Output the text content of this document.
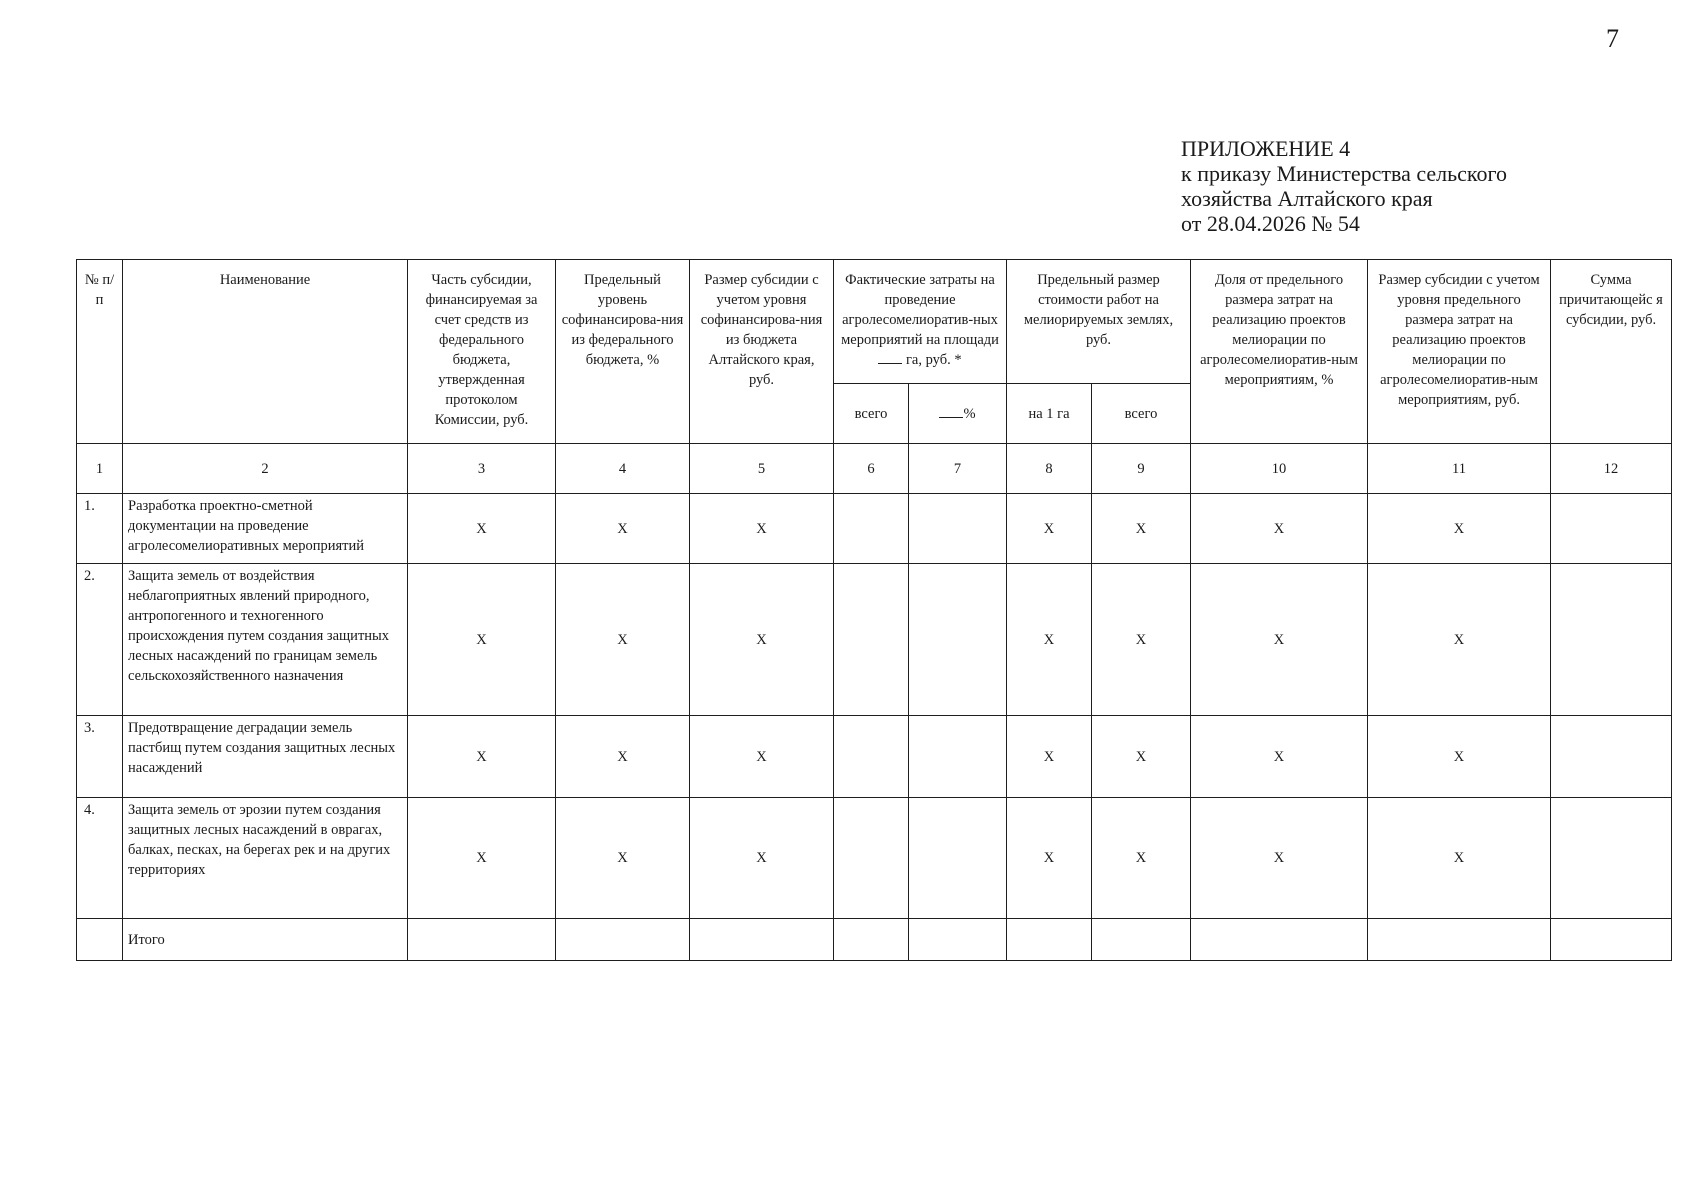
7
ПРИЛОЖЕНИЕ 4
к приказу Министерства сельского
хозяйства Алтайского края
от 28.04.2026 № 54
№ п/п	Наименование	Часть субсидии, финансируемая за счет средств из федерального бюджета, утвержденная протоколом Комиссии, руб.	Предельный уровень софинансирова-ния из федерального бюджета, %	Размер субсидии с учетом уровня софинансирова-ния из бюджета Алтайского края, руб.	Фактические затраты на проведение агролесомелиоратив-ных мероприятий на площади  га, руб. *		Предельный размер стоимости работ на мелиорируемых землях, руб.		Доля от предельного размера затрат на реализацию проектов мелиорации по агролесомелиоратив-ным мероприятиям, %	Размер субсидии с учетом уровня предельного размера затрат на реализацию проектов мелиорации по агролесомелиоратив-ным мероприятиям, руб.	Сумма причитающейс я субсидии, руб.
					всего	%	на 1 га	всего			
1	2	3	4	5	6	7	8	9	10	11	12
1.	Разработка проектно-сметной документации на проведение агролесомелиоративных мероприятий	X	X	X			X	X	X	X	
2.	Защита земель от воздействия неблагоприятных явлений природного, антропогенного и техногенного происхождения путем создания защитных лесных насаждений по границам земель сельскохозяйственного назначения	X	X	X			X	X	X	X	
3.	Предотвращение деградации земель пастбищ путем создания защитных лесных насаждений	X	X	X			X	X	X	X	
4.	Защита земель от эрозии путем создания защитных лесных насаждений в оврагах, балках, песках, на берегах рек и на других территориях	X	X	X			X	X	X	X	
	Итого										
